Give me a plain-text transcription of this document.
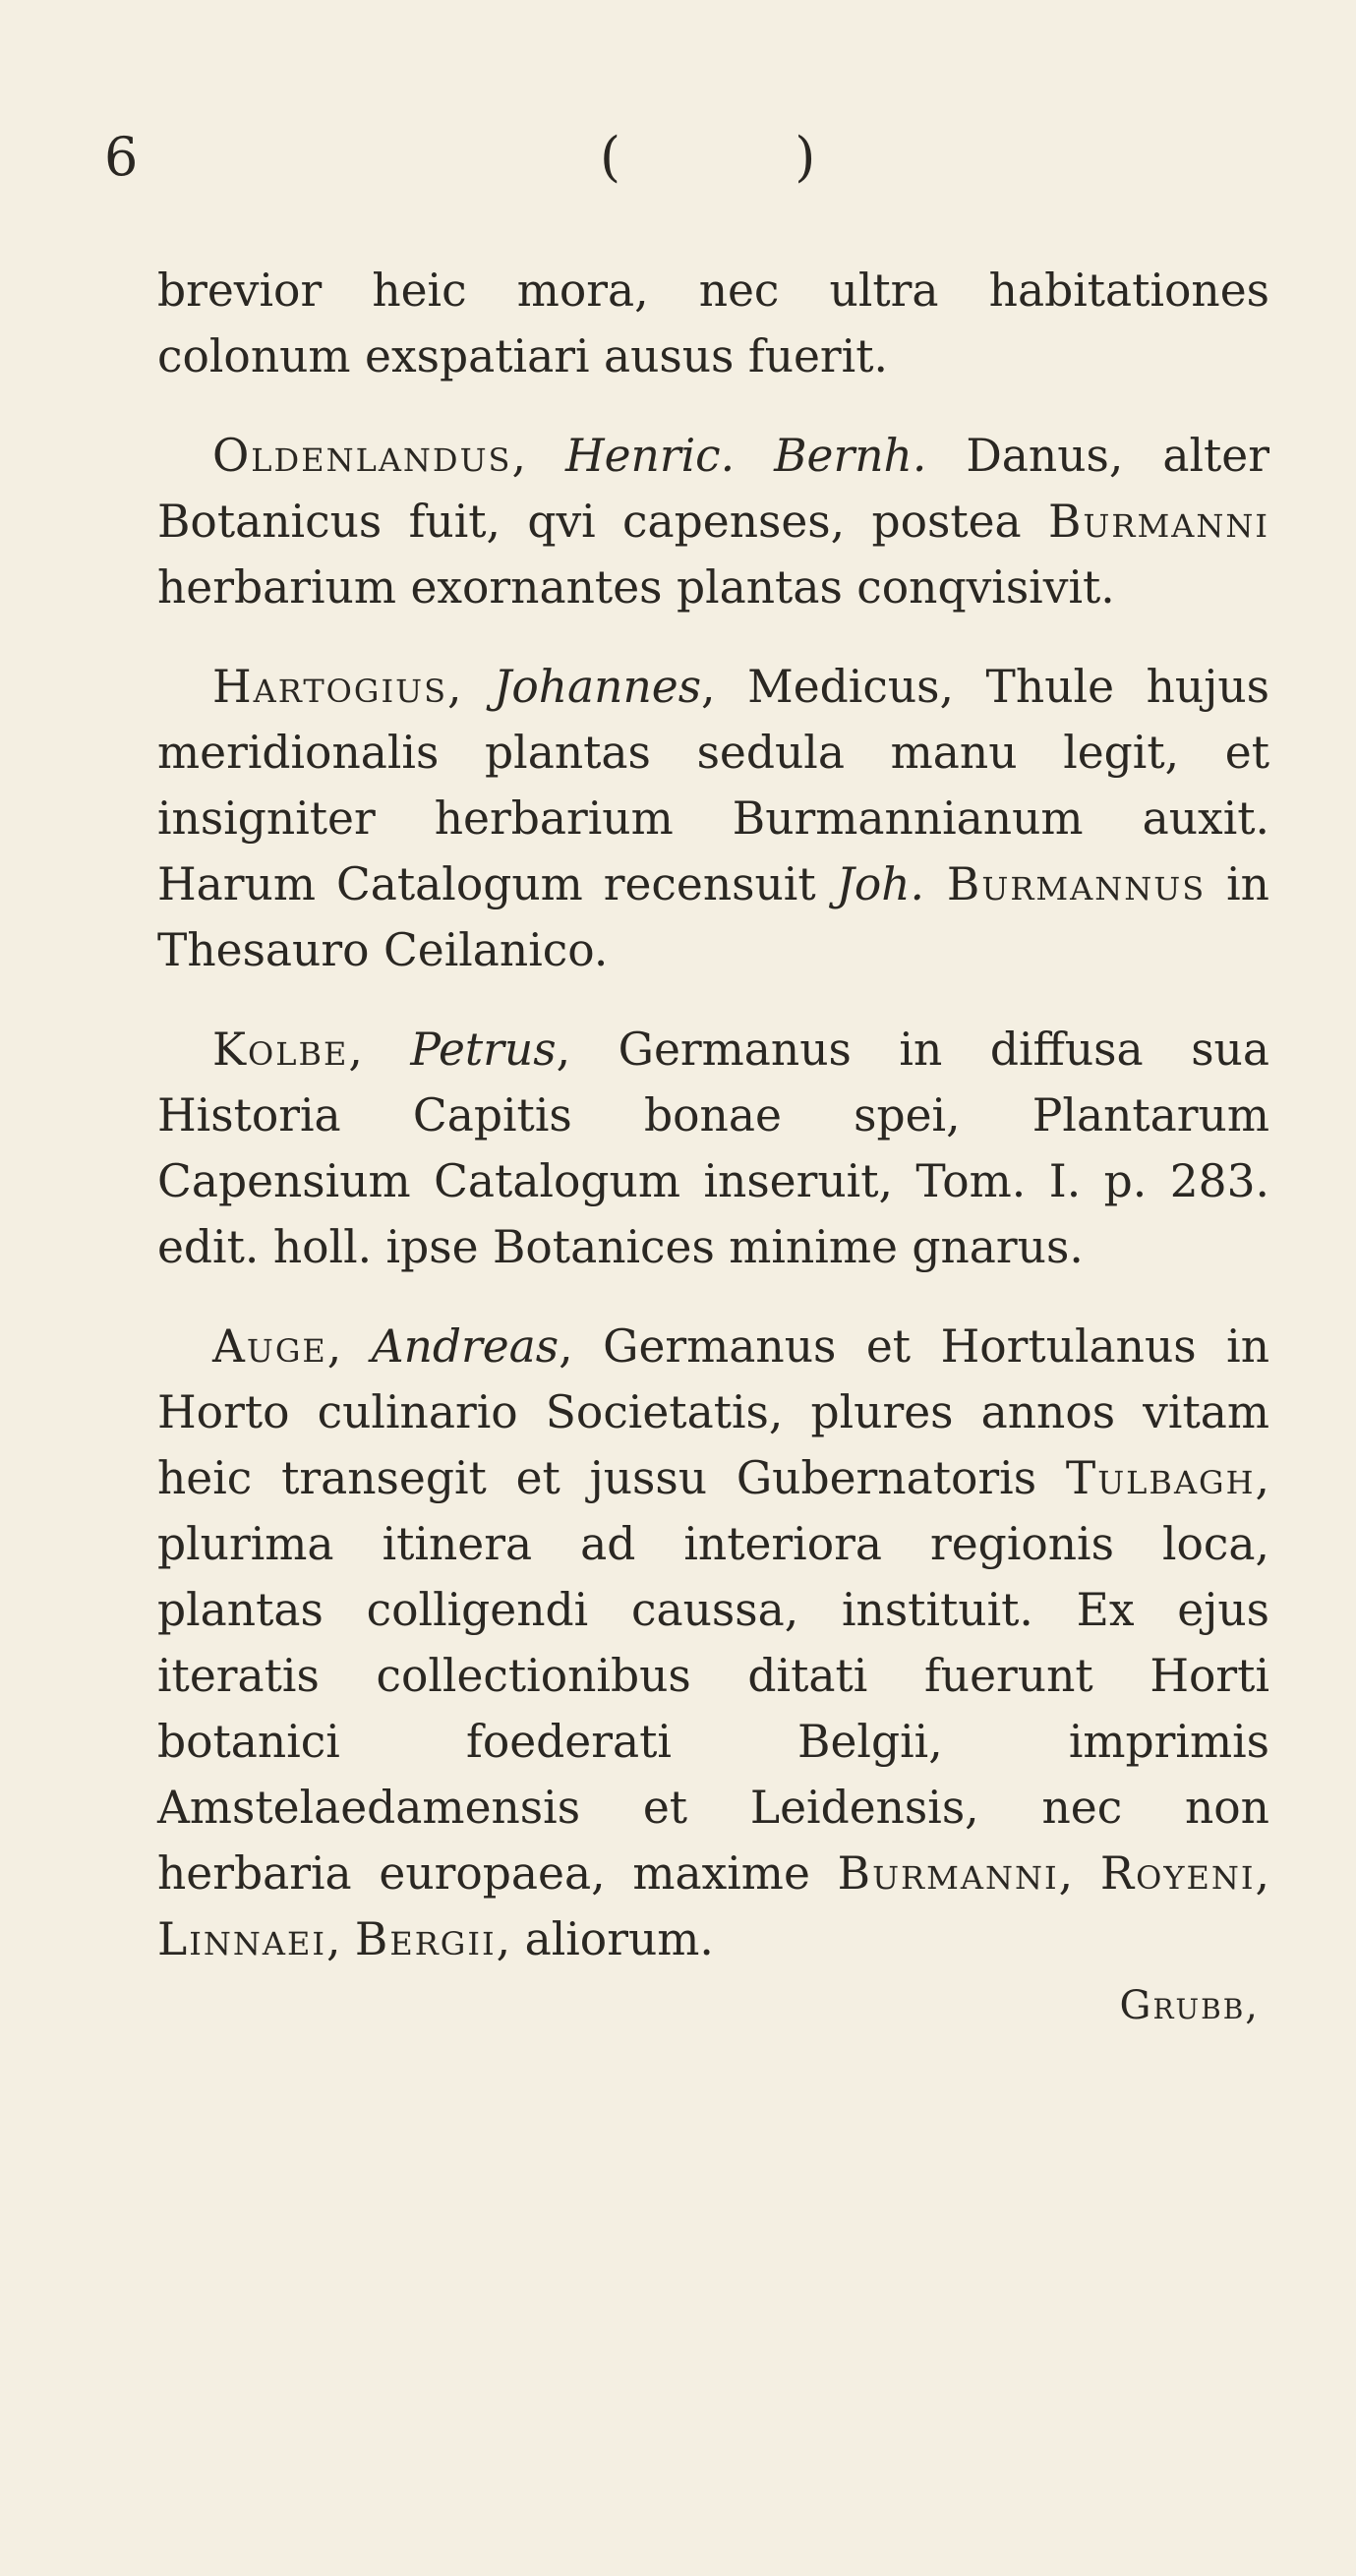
6	( )

brevior heic mora, nec ultra habitationes colonum exspatiari ausus fuerit.

Oldenlandus, Henric. Bernh. Danus, alter Botanicus fuit, qvi capenses, postea Burmanni herbarium exornantes plantas conqvisivit.

Hartogius, Johannes, Medicus, Thule hujus meridionalis plantas sedula manu legit, et insigniter herbarium Burmannianum auxit. Harum Catalogum recensuit Joh. Burmannus in Thesauro Ceilanico.

Kolbe, Petrus, Germanus in diffusa sua Historia Capitis bonae spei, Plantarum Capensium Catalogum inseruit, Tom. I. p. 283. edit. holl. ipse Botanices minime gnarus.

Auge, Andreas, Germanus et Hortulanus in Horto culinario Societatis, plures annos vitam heic transegit et jussu Gubernatoris Tulbagh, plurima itinera ad interiora regionis loca, plantas colligendi caussa, instituit. Ex ejus iteratis collectionibus ditati fuerunt Horti botanici foederati Belgii, imprimis Amstelaedamensis et Leidensis, nec non herbaria europaea, maxime Burmanni, Royeni, Linnaei, Bergii, aliorum.

Grubb,
